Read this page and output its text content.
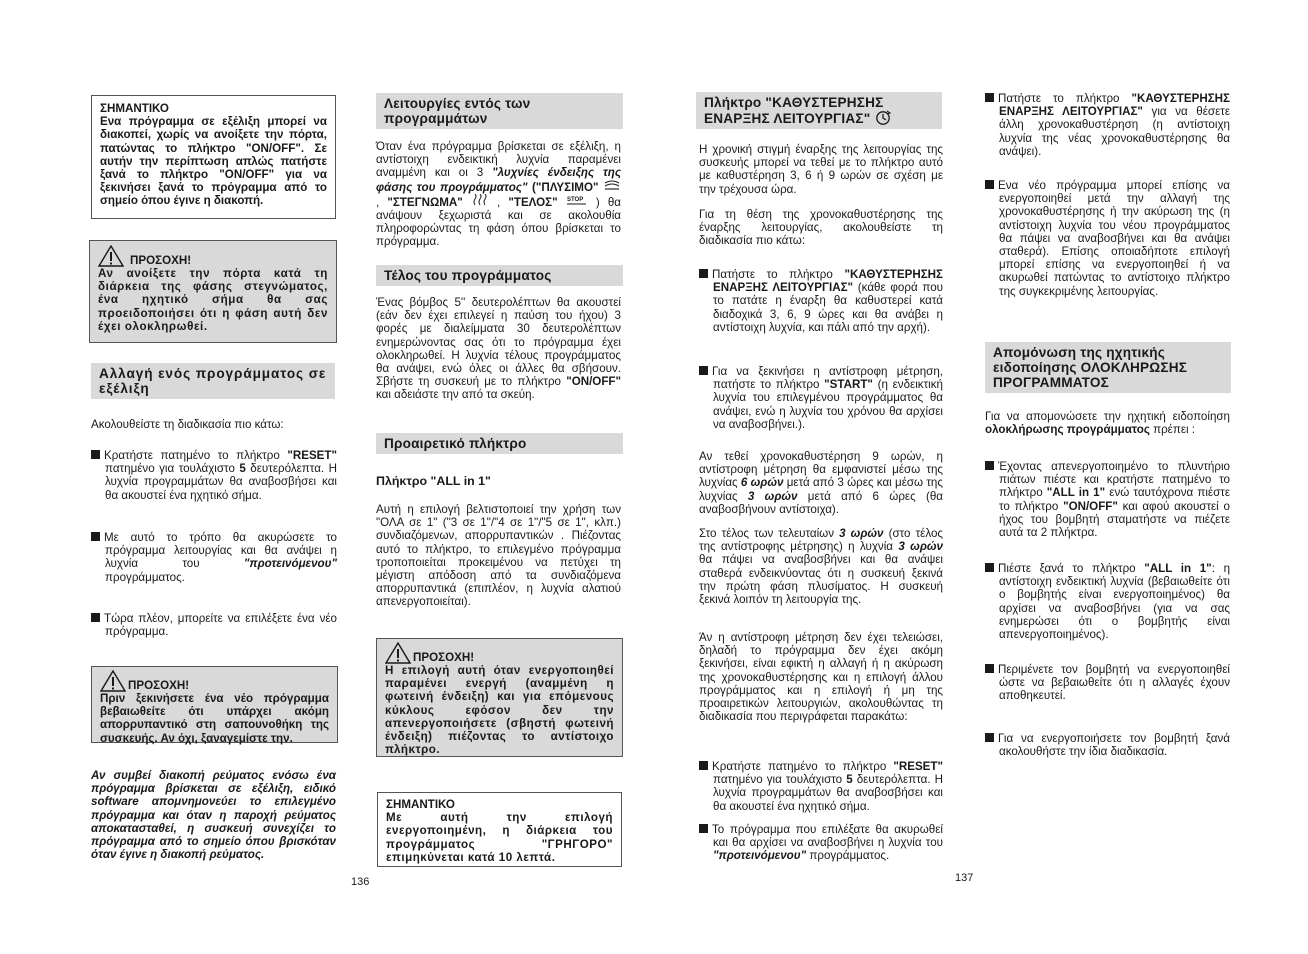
ΣΗΜΑΝΤΙΚΟ
Ενα πρόγραμμα σε εξέλιξη μπορεί να διακοπεί, χωρίς να ανοίξετε την πόρτα, πατώντας το πλήκτρο "ON/OFF". Σε αυτήν την περίπτωση απλώς πατήστε ξανά το πλήκτρο "ON/OFF" για να ξεκινήσει ξανά το πρόγραμμα από το σημείο όπου έγινε η διακοπή.
ΠΡΟΣΟΧΗ!
Αν ανοίξετε την πόρτα κατά τη διάρκεια της φάσης στεγνώματος, ένα ηχητικό σήμα θα σας προειδοποιήσει ότι η φάση αυτή δεν έχει ολοκληρωθεί.
Αλλαγή ενός προγράμματος σε εξέλιξη
Ακολουθείστε τη διαδικασία πιο κάτω:
Κρατήστε πατημένο το πλήκτρο "RESET" πατημένο για τουλάχιστο 5 δευτερόλεπτα. Η λυχνία προγραμμάτων θα αναβοσβήσει και θα ακουστεί ένα ηχητικό σήμα.
Με αυτό το τρόπο θα ακυρώσετε το πρόγραμμα λειτουργίας και θα ανάψει η λυχνία του "προτεινόμενου" προγράμματος.
Τώρα πλέον, μπορείτε να επιλέξετε ένα νέο πρόγραμμα.
ΠΡΟΣΟΧΗ!
Πριν ξεκινήσετε ένα νέο πρόγραμμα βεβαιωθείτε ότι υπάρχει ακόμη απορρυπαντικό στη σαπουνοθήκη της συσκευής. Αν όχι, ξαναγεμίστε την.
Αν συμβεί διακοπή ρεύματος ενόσω ένα πρόγραμμα βρίσκεται σε εξέλιξη, ειδικό software απομνημονεύει το επιλεγμένο πρόγραμμα και όταν η παροχή ρεύματος αποκατασταθεί, η συσκευή συνεχίζει το πρόγραμμα από το σημείο όπου βρισκόταν όταν έγινε η διακοπή ρεύματος.
136
Λειτουργίες εντός των προγραμμάτων
Όταν ένα πρόγραμμα βρίσκεται σε εξέλιξη, η αντίστοιχη ενδεικτική λυχνία παραμένει αναμμένη και οι 3 "λυχνίες ένδειξης της φάσης του προγράμματος" ("ΠΛΥΣΙΜΟ"  , "ΣΤΕΓΝΩΜΑ"  , "ΤΕΛΟΣ" STOP ) θα ανάψουν ξεχωριστά και σε ακολουθία πληροφορώντας τη φάση όπου βρίσκεται το πρόγραμμα.
Τέλος του προγράμματος
Ένας βόμβος 5'' δευτερολέπτων θα ακουστεί (εάν δεν έχει επιλεγεί η παύση του ήχου) 3 φορές με διαλείμματα 30 δευτερολέπτων ενημερώνοντας σας ότι το πρόγραμμα έχει ολοκληρωθεί. Η λυχνία τέλους προγράμματος θα ανάψει, ενώ όλες οι άλλες θα σβήσουν. Σβήστε τη συσκευή με το πλήκτρο "ON/OFF" και αδειάστε την από τα σκεύη.
Προαιρετικό πλήκτρο
Πλήκτρο "ALL in 1"
Αυτή η επιλογή βελτιστοποιεί την χρήση των "ΟΛΑ σε 1" ("3 σε 1"/"4 σε 1"/"5 σε 1", κλπ.) συνδιαζόμενων, απορρυπαντικών . Πιέζοντας αυτό το πλήκτρο, το επιλεγμένο πρόγραμμα τροποποιείται προκειμένου να πετύχει τη μέγιστη απόδοση από τα συνδιαζόμενα απορρυπαντικά (επιπλέον, η λυχνία αλατιού απενεργοποιείται).
ΠΡΟΣΟΧΗ!
Η επιλογή αυτή όταν ενεργοποιηθεί παραμένει ενεργή (αναμμένη η φωτεινή ένδειξη) και για επόμενους κύκλους εφόσον δεν την απενεργοποιήσετε (σβηστή φωτεινή ένδειξη) πιέζοντας το αντίστοιχο πλήκτρο.
ΣΗΜΑΝΤΙΚΟ
Με αυτή την επιλογή ενεργοποιημένη, η διάρκεια του προγράμματος "ΓΡΗΓΟΡΟ" επιμηκύνεται κατά 10 λεπτά.
Πλήκτρο "ΚΑΘΥΣΤΕΡΗΣΗΣ
ΕΝΑΡΞΗΣ ΛΕΙΤΟΥΡΓΙΑΣ"
Η χρονική στιγμή έναρξης της λειτουργίας της συσκευής μπορεί να τεθεί με το πλήκτρο αυτό με καθυστέρηση 3, 6 ή 9 ωρών σε σχέση με την τρέχουσα ώρα.
Για τη θέση της χρονοκαθυστέρησης της έναρξης λειτουργίας, ακολουθείστε τη διαδικασία πιο κάτω:
Πατήστε το πλήκτρο "ΚΑΘΥΣΤΕΡΗΣΗΣ ΕΝΑΡΞΗΣ ΛΕΙΤΟΥΡΓΙΑΣ" (κάθε φορά που το πατάτε η έναρξη θα καθυστερεί κατά διαδοχικά 3, 6, 9 ώρες και θα ανάβει η αντίστοιχη λυχνία, και πάλι από την αρχή).
Για να ξεκινήσει η αντίστροφη μέτρηση, πατήστε το πλήκτρο "START" (η ενδεικτική λυχνία του επιλεγμένου προγράμματος θα ανάψει, ενώ η λυχνία του χρόνου θα αρχίσει να αναβοσβήνει.).
Αν τεθεί χρονοκαθυστέρηση 9 ωρών, η αντίστροφη μέτρηση θα εμφανιστεί μέσω της λυχνίας 6 ωρών μετά από 3 ώρες και μέσω της λυχνίας 3 ωρών μετά από 6 ώρες (θα αναβοσβήνουν αντίστοιχα).
Στο τέλος των τελευταίων 3 ωρών (στο τέλος της αντίστροφης μέτρησης) η λυχνία 3 ωρών θα πάψει να αναβοσβήνει και θα ανάψει σταθερά ενδεικνύοντας ότι η συσκευή ξεκινά την πρώτη φάση πλυσίματος. Η συσκευή ξεκινά λοιπόν τη λειτουργία της.
Άν η αντίστροφη μέτρηση δεν έχει τελειώσει, δηλαδή το πρόγραμμα δεν έχει ακόμη ξεκινήσει, είναι εφικτή η αλλαγή ή η ακύρωση της χρονοκαθυστέρησης και η επιλογή άλλου προγράμματος και η επιλογή ή μη της προαιρετικών λειτουργιών, ακολουθώντας τη διαδικασία που περιγράφεται παρακάτω:
Κρατήστε πατημένο το πλήκτρο "RESET" πατημένο για τουλάχιστο 5 δευτερόλεπτα. Η λυχνία προγραμμάτων θα αναβοσβήσει και θα ακουστεί ένα ηχητικό σήμα.
Το πρόγραμμα που επιλέξατε θα ακυρωθεί και θα αρχίσει να αναβοσβήνει η λυχνία του "προτεινόμενου" προγράμματος.
137
Πατήστε το πλήκτρο "ΚΑΘΥΣΤΕΡΗΣΗΣ ΕΝΑΡΞΗΣ ΛΕΙΤΟΥΡΓΙΑΣ" για να θέσετε άλλη χρονοκαθυστέρηση (η αντίστοιχη λυχνία της νέας χρονοκαθυστέρησης θα ανάψει).
Ενα νέο πρόγραμμα μπορεί επίσης να ενεργοποιηθεί μετά την αλλαγή της χρονοκαθυστέρησης ή την ακύρωση της (η αντίστοιχη λυχνία του νέου προγράμματος θα πάψει να αναβοσβήνει και θα ανάψει σταθερά). Επίσης οποιαδήποτε επιλογή μπορεί επίσης να ενεργοποιηθεί ή να ακυρωθεί πατώντας το αντίστοιχο πλήκτρο της συγκεκριμένης λειτουργίας.
Απομόνωση της ηχητικής ειδοποίησης ΟΛΟΚΛΗΡΩΣΗΣ ΠΡΟΓΡΑΜΜΑΤΟΣ
Για να απομονώσετε την ηχητική ειδοποίηση ολοκλήρωσης προγράμματος πρέπει :
Έχοντας απενεργοποιημένο το πλυντήριο πιάτων πιέστε και κρατήστε πατημένο το πλήκτρο "ALL in 1" ενώ ταυτόχρονα πιέστε το πλήκτρο "ON/OFF" και αφού ακουστεί ο ήχος του βομβητή σταματήστε να πιέζετε αυτά τα 2 πλήκτρα.
Πιέστε ξανά το πλήκτρο "ALL in 1": η αντίστοιχη ενδεικτική λυχνία (βεβαιωθείτε ότι ο βομβητής είναι ενεργοποιημένος) θα αρχίσει να αναβοσβήνει (για να σας ενημερώσει ότι ο βομβητής είναι απενεργοποιημένος).
Περιμένετε τον βομβητή να ενεργοποιηθεί ώστε να βεβαιωθείτε ότι η αλλαγές έχουν αποθηκευτεί.
Για να ενεργοποιήσετε τον βομβητή ξανά ακολουθήστε την ίδια διαδικασία.
